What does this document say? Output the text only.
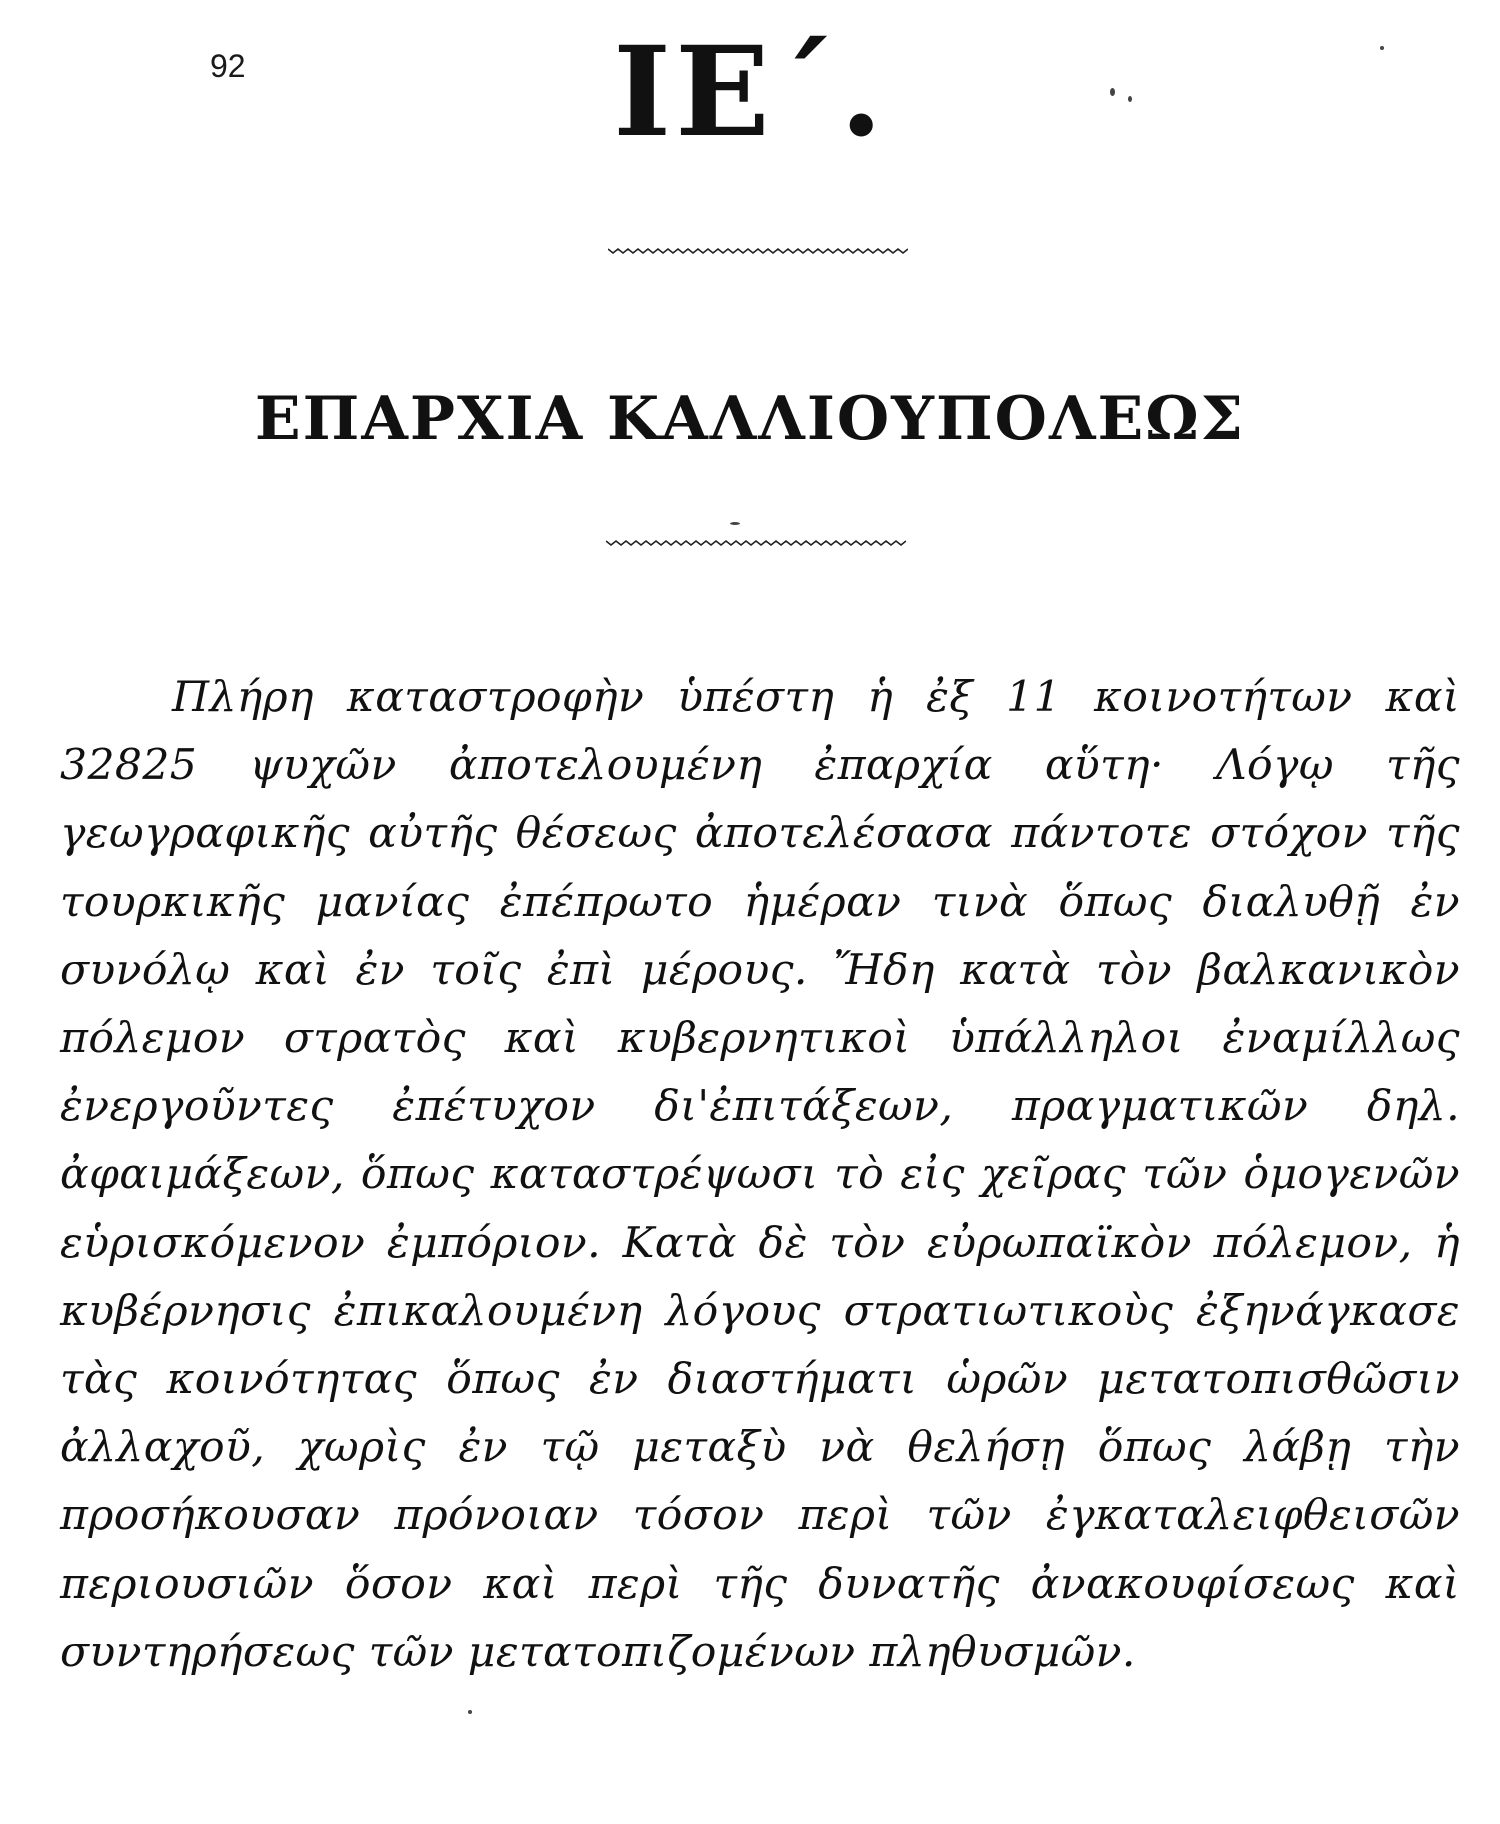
92	ΙΕ΄.
ΕΠΑΡΧΙΑ ΚΑΛΛΙΟΥΠΟΛΕΩΣ

Πλήρη καταστροφὴν ὑπέστη ἡ ἐξ 11 κοινοτήτων καὶ 32825 ψυχῶν ἀποτελουμένη ἐπαρχία αὕτη· Λόγῳ τῆς γεωγραφικῆς αὐτῆς θέσεως ἀποτελέσασα πάντοτε στόχον τῆς τουρκικῆς μανίας ἐπέπρωτο ἡμέραν τινὰ ὅπως διαλυθῇ ἐν συνόλῳ καὶ ἐν τοῖς ἐπὶ μέρους. Ἤδη κατὰ τὸν βαλκανικὸν πόλεμον στρατὸς καὶ κυβερνητικοὶ ὑπάλληλοι ἐναμίλλως ἐνεργοῦντες ἐπέτυχον δι'ἐπιτάξεων, πραγματικῶν δηλ. ἀφαιμάξεων, ὅπως καταστρέψωσι τὸ εἰς χεῖρας τῶν ὁμογενῶν εὑρισκόμενον ἐμπόριον. Κατὰ δὲ τὸν εὐρωπαϊκὸν πόλεμον, ἡ κυβέρνησις ἐπικαλουμένη λόγους στρατιωτικοὺς ἐξηνάγκασε τὰς κοινότητας ὅπως ἐν διαστήματι ὡρῶν μετατοπισθῶσιν ἀλλαχοῦ, χωρὶς ἐν τῷ μεταξὺ νὰ θελήσῃ ὅπως λάβῃ τὴν προσήκουσαν πρόνοιαν τόσον περὶ τῶν ἐγκαταλειφθεισῶν περιουσιῶν ὅσον καὶ περὶ τῆς δυνατῆς ἀνακουφίσεως καὶ συντηρήσεως τῶν μετατοπιζομένων πληθυσμῶν.
